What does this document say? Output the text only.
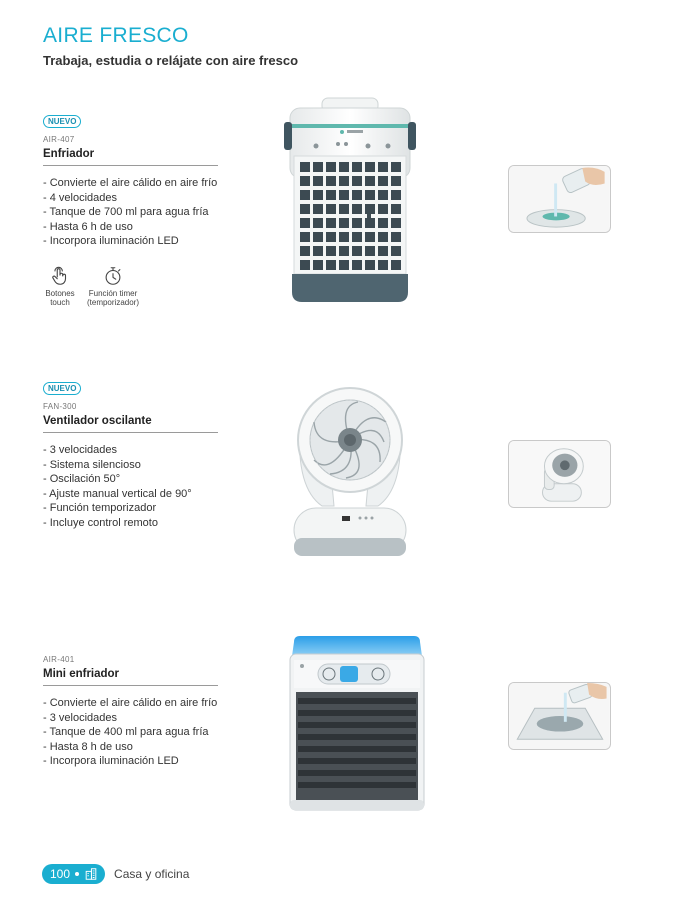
AIRE FRESCO
Trabaja, estudia o relájate con aire fresco
NUEVO
AIR-407
Enfriador
- Convierte el aire cálido en aire frío
- 4 velocidades
- Tanque de 700 ml para agua fría
- Hasta 6 h de uso
- Incorpora iluminación LED
Botones
touch
Función timer
(temporizador)
NUEVO
FAN-300
Ventilador oscilante
- 3 velocidades
- Sistema silencioso
- Oscilación 50°
- Ajuste manual vertical de 90°
- Función temporizador
- Incluye control remoto
AIR-401
Mini enfriador
- Convierte el aire cálido en aire frío
- 3 velocidades
- Tanque de 400 ml para agua fría
- Hasta 8 h de uso
- Incorpora iluminación LED
100	Casa y oficina
